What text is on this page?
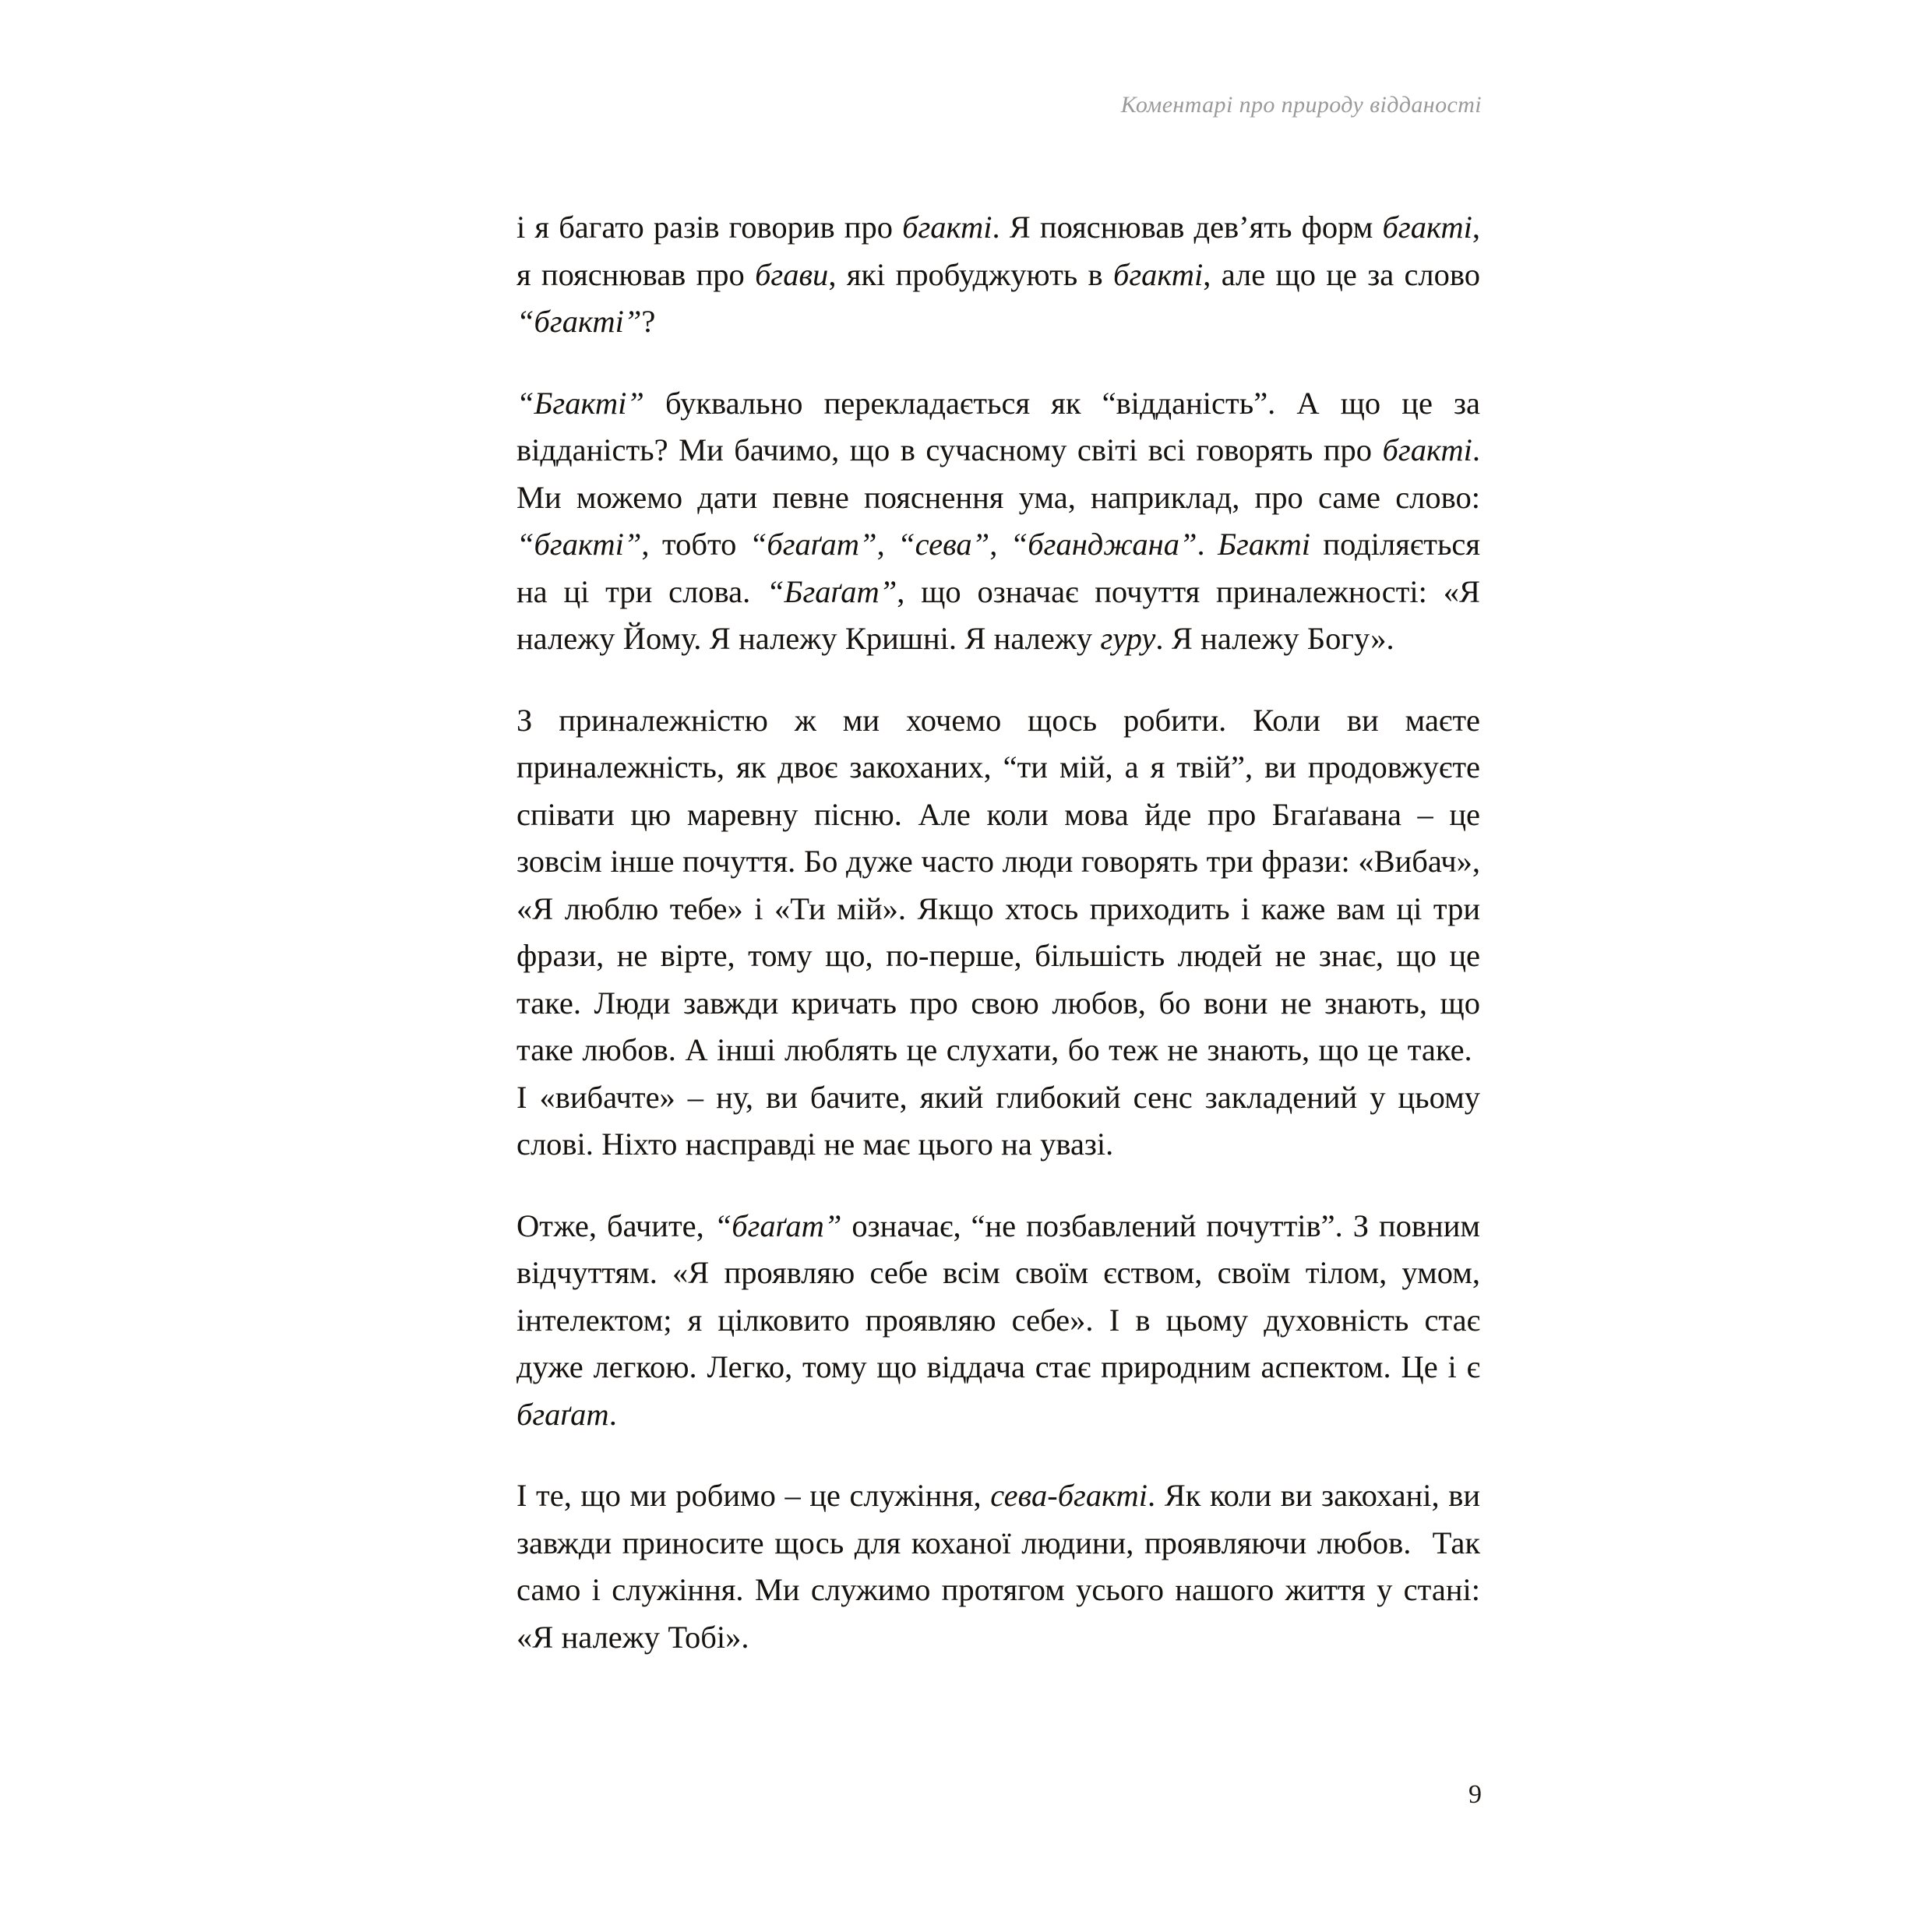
Коментарі про природу відданості

і я багато разів говорив про бгакті. Я пояснював дев’ять форм бгакті, я пояснював про бгави, які пробуджують в бгакті, але що це за слово “бгакті”?

“Бгакті” буквально перекладається як “відданість”. А що це за відданість? Ми бачимо, що в сучасному світі всі говорять про бгакті. Ми можемо дати певне пояснення ума, наприклад, про саме слово: “бгакті”, тобто “бгаґат”, “сева”, “бганджана”. Бгакті поділяється на ці три слова. “Бгаґат”, що означає почуття приналежності: «Я належу Йому. Я належу Кришні. Я належу гуру. Я належу Богу».

З приналежністю ж ми хочемо щось робити. Коли ви маєте приналежність, як двоє закоханих, “ти мій, а я твій”, ви продовжуєте співати цю маревну пісню. Але коли мова йде про Бгаґавана – це зовсім інше почуття. Бо дуже часто люди говорять три фрази: «Вибач», «Я люблю тебе» і «Ти мій». Якщо хтось приходить і каже вам ці три фрази, не вірте, тому що, по-перше, більшість людей не знає, що це таке. Люди завжди кричать про свою любов, бо вони не знають, що таке любов. А інші люблять це слухати, бо теж не знають, що це таке.  І «вибачте» – ну, ви бачите, який глибокий сенс закладений у цьому слові. Ніхто насправді не має цього на увазі.

Отже, бачите, “бгаґат” означає, “не позбавлений почуттів”. З повним відчуттям. «Я проявляю себе всім своїм єством, своїм тілом, умом, інтелектом; я цілковито проявляю себе». І в цьому духовність стає дуже легкою. Легко, тому що віддача стає природним аспектом. Це і є бгаґат.

І те, що ми робимо – це служіння, сева-бгакті. Як коли ви закохані, ви завжди приносите щось для коханої людини, проявляючи любов.  Так само і служіння. Ми служимо протягом усього нашого життя у стані: «Я належу Тобі».

9
